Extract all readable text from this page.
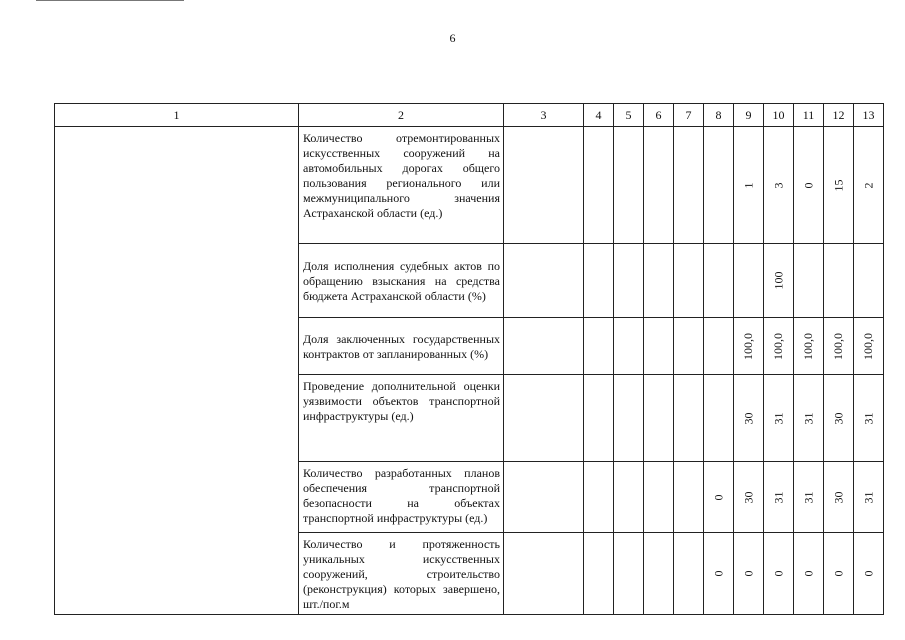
6
1	2	3	4	5	6	7	8	9	10	11	12	13
	Количество отремонтированных искусственных сооружений на автомобильных дорогах общего пользования регионального или межмуниципального значения Астраханской области (ед.)							1	3	0	15	2
	Доля исполнения судебных актов по обращению взыскания на средства бюджета Астраханской области (%)								100			
	Доля заключенных государственных контрактов от запланированных (%)							100,0	100,0	100,0	100,0	100,0
	Проведение дополнительной оценки уязвимости объектов транспортной инфраструктуры (ед.)							30	31	31	30	31
	Количество разработанных планов обеспечения транспортной безопасности на объектах транспортной инфраструктуры (ед.)						0	30	31	31	30	31
	Количество и протяженность уникальных искусственных сооружений, строительство (реконструкция) которых завершено, шт./пог.м						0	0	0	0	0	0
